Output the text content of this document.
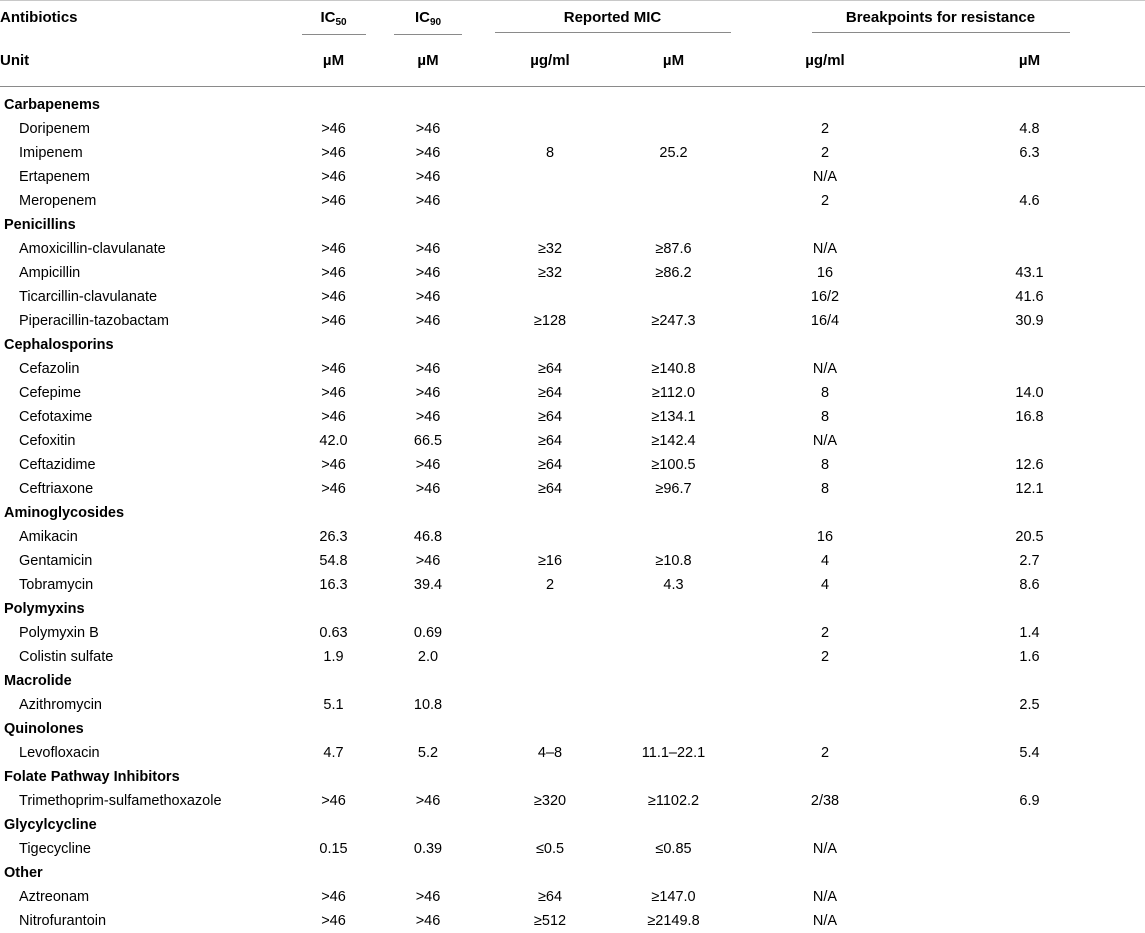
Antibiotics	$IC_{50}$	$IC_{90}$	Reported MIC		Breakpoints for resistance	
Unit	µM	µM	µg/ml	µM	µg/ml	µM
Carbapenems						
Doripenem	>46	>46			2	4.8
Imipenem	>46	>46	8	25.2	2	6.3
Ertapenem	>46	>46			N/A	
Meropenem	>46	>46			2	4.6
Penicillins						
Amoxicillin-clavulanate	>46	>46	≥32	≥87.6	N/A	
Ampicillin	>46	>46	≥32	≥86.2	16	43.1
Ticarcillin-clavulanate	>46	>46			16/2	41.6
Piperacillin-tazobactam	>46	>46	≥128	≥247.3	16/4	30.9
Cephalosporins						
Cefazolin	>46	>46	≥64	≥140.8	N/A	
Cefepime	>46	>46	≥64	≥112.0	8	14.0
Cefotaxime	>46	>46	≥64	≥134.1	8	16.8
Cefoxitin	42.0	66.5	≥64	≥142.4	N/A	
Ceftazidime	>46	>46	≥64	≥100.5	8	12.6
Ceftriaxone	>46	>46	≥64	≥96.7	8	12.1
Aminoglycosides						
Amikacin	26.3	46.8			16	20.5
Gentamicin	54.8	>46	≥16	≥10.8	4	2.7
Tobramycin	16.3	39.4	2	4.3	4	8.6
Polymyxins						
Polymyxin B	0.63	0.69			2	1.4
Colistin sulfate	1.9	2.0			2	1.6
Macrolide						
Azithromycin	5.1	10.8				2.5
Quinolones						
Levofloxacin	4.7	5.2	4–8	11.1–22.1	2	5.4
Folate Pathway Inhibitors						
Trimethoprim-sulfamethoxazole	>46	>46	≥320	≥1102.2	2/38	6.9
Glycylcycline						
Tigecycline	0.15	0.39	≤0.5	≤0.85	N/A	
Other						
Aztreonam	>46	>46	≥64	≥147.0	N/A	
Nitrofurantoin	>46	>46	≥512	≥2149.8	N/A	
